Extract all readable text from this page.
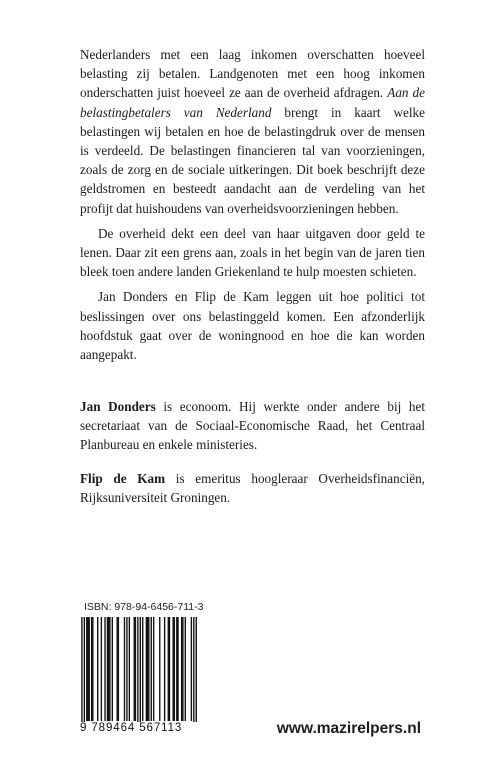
Nederlanders met een laag inkomen overschatten hoeveel belasting zij betalen. Landgenoten met een hoog inkomen onderschatten juist hoeveel ze aan de overheid afdragen. Aan de belastingbetalers van Nederland brengt in kaart welke belastingen wij betalen en hoe de belastingdruk over de mensen is verdeeld. De belastingen financieren tal van voorzieningen, zoals de zorg en de sociale uitkeringen. Dit boek beschrijft deze geldstromen en besteedt aandacht aan de verdeling van het profijt dat huishoudens van overheidsvoorzieningen hebben.

De overheid dekt een deel van haar uitgaven door geld te lenen. Daar zit een grens aan, zoals in het begin van de jaren tien bleek toen andere landen Griekenland te hulp moesten schieten.

Jan Donders en Flip de Kam leggen uit hoe politici tot beslissingen over ons belastinggeld komen. Een afzonderlijk hoofdstuk gaat over de woningnood en hoe die kan worden aangepakt.

Jan Donders is econoom. Hij werkte onder andere bij het secretariaat van de Sociaal-Economische Raad, het Centraal Planbureau en enkele ministeries.

Flip de Kam is emeritus hoogleraar Overheidsfinanciën, Rijksuniversiteit Groningen.

ISBN: 978-94-6456-711-3
9 789464 567113	www.mazirelpers.nl
